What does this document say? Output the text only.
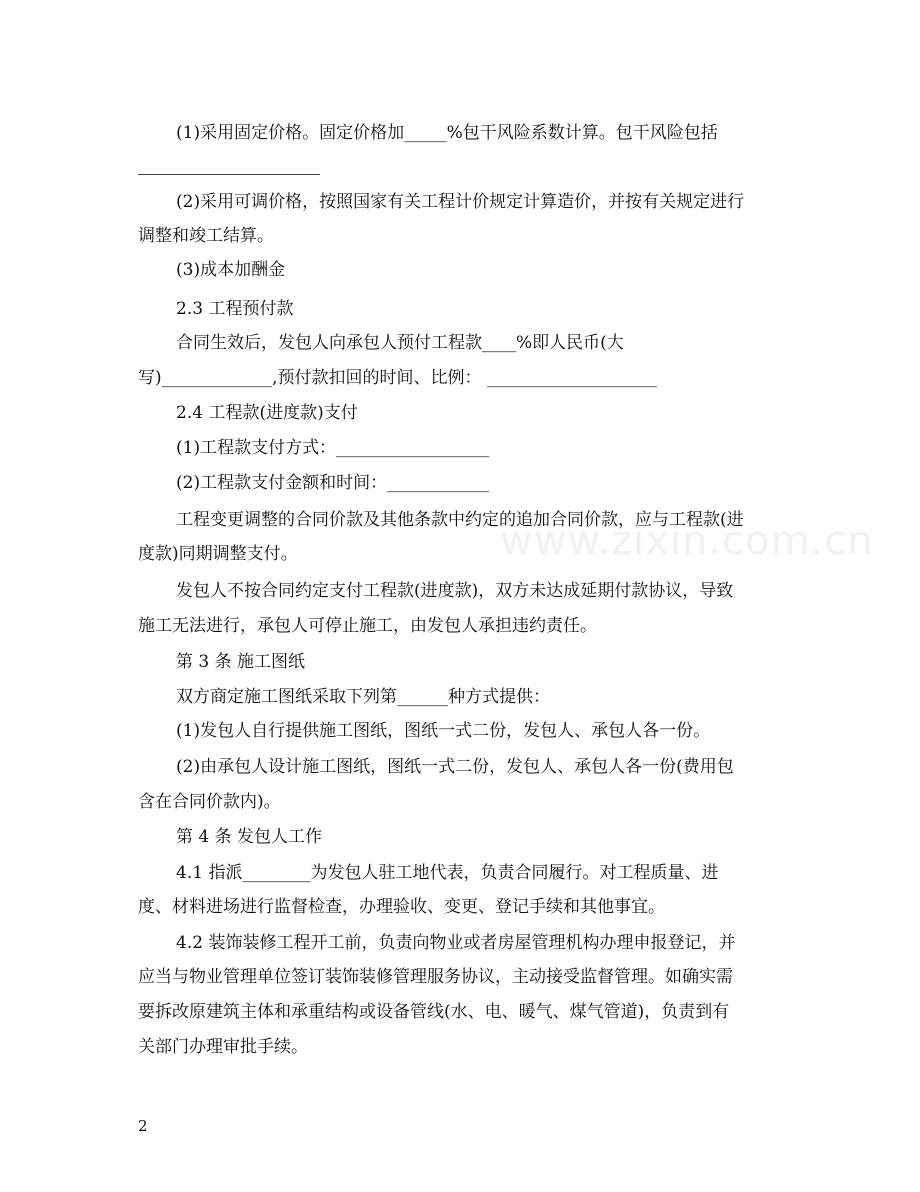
www.zixin.com.cn
(1)采用固定价格。固定价格加_____%包干风险系数计算。包干风险包括
(2)采用可调价格，按照国家有关工程计价规定计算造价，并按有关规定进行
调整和竣工结算。
(3)成本加酬金
2.3 工程预付款
合同生效后，发包人向承包人预付工程款____%即人民币(大
写)_____________,预付款扣回的时间、比例： ____________________
2.4 工程款(进度款)支付
(1)工程款支付方式：__________________
(2)工程款支付金额和时间：____________
工程变更调整的合同价款及其他条款中约定的追加合同价款，应与工程款(进
度款)同期调整支付。
发包人不按合同约定支付工程款(进度款)，双方未达成延期付款协议，导致
施工无法进行，承包人可停止施工，由发包人承担违约责任。
第 3 条 施工图纸
双方商定施工图纸采取下列第______种方式提供：
(1)发包人自行提供施工图纸，图纸一式二份，发包人、承包人各一份。
(2)由承包人设计施工图纸，图纸一式二份，发包人、承包人各一份(费用包
含在合同价款内)。
第 4 条 发包人工作
4.1 指派________为发包人驻工地代表，负责合同履行。对工程质量、进
度、材料进场进行监督检查，办理验收、变更、登记手续和其他事宜。
4.2 装饰装修工程开工前，负责向物业或者房屋管理机构办理申报登记，并
应当与物业管理单位签订装饰装修管理服务协议，主动接受监督管理。如确实需
要拆改原建筑主体和承重结构或设备管线(水、电、暖气、煤气管道)，负责到有
关部门办理审批手续。
2
